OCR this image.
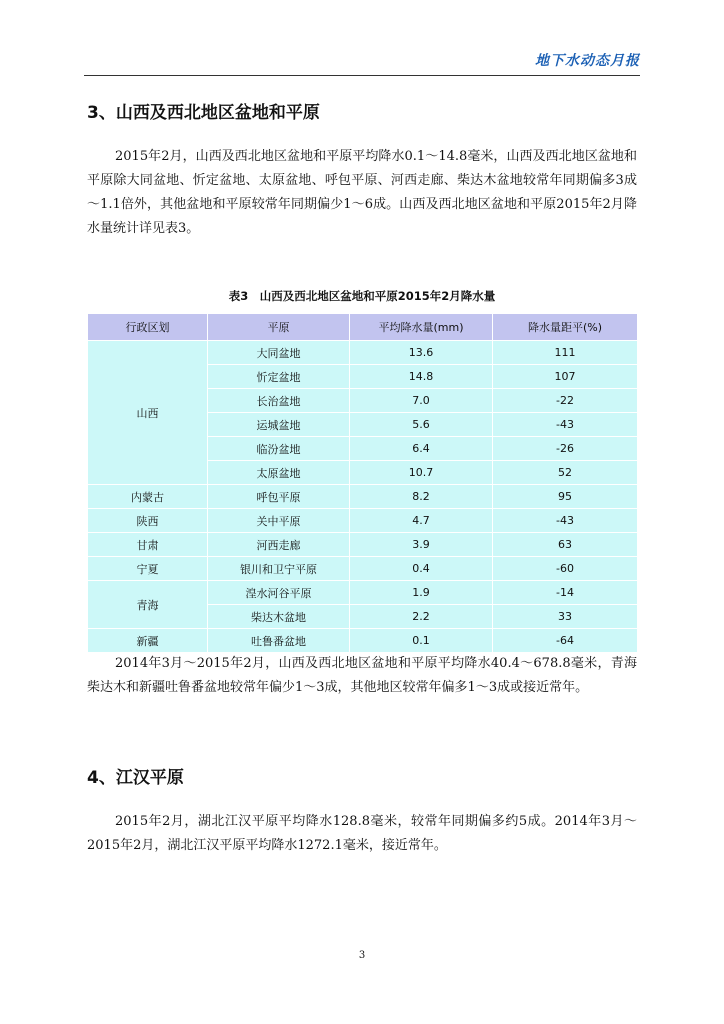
地下水动态月报
3、山西及西北地区盆地和平原
2015年2月，山西及西北地区盆地和平原平均降水0.1～14.8毫米，山西及西北地区盆地和平原除大同盆地、忻定盆地、太原盆地、呼包平原、河西走廊、柴达木盆地较常年同期偏多3成～1.1倍外，其他盆地和平原较常年同期偏少1～6成。山西及西北地区盆地和平原2015年2月降水量统计详见表3。
表3　山西及西北地区盆地和平原2015年2月降水量
行政区划	平原	平均降水量(mm)	降水量距平(%)
山西	大同盆地	13.6	111
	忻定盆地	14.8	107
	长治盆地	7.0	-22
	运城盆地	5.6	-43
	临汾盆地	6.4	-26
	太原盆地	10.7	52
内蒙古	呼包平原	8.2	95
陕西	关中平原	4.7	-43
甘肃	河西走廊	3.9	63
宁夏	银川和卫宁平原	0.4	-60
青海	湟水河谷平原	1.9	-14
	柴达木盆地	2.2	33
新疆	吐鲁番盆地	0.1	-64
2014年3月～2015年2月，山西及西北地区盆地和平原平均降水40.4～678.8毫米，青海柴达木和新疆吐鲁番盆地较常年偏少1～3成，其他地区较常年偏多1～3成或接近常年。
4、江汉平原
2015年2月，湖北江汉平原平均降水128.8毫米，较常年同期偏多约5成。2014年3月～2015年2月，湖北江汉平原平均降水1272.1毫米，接近常年。
3
